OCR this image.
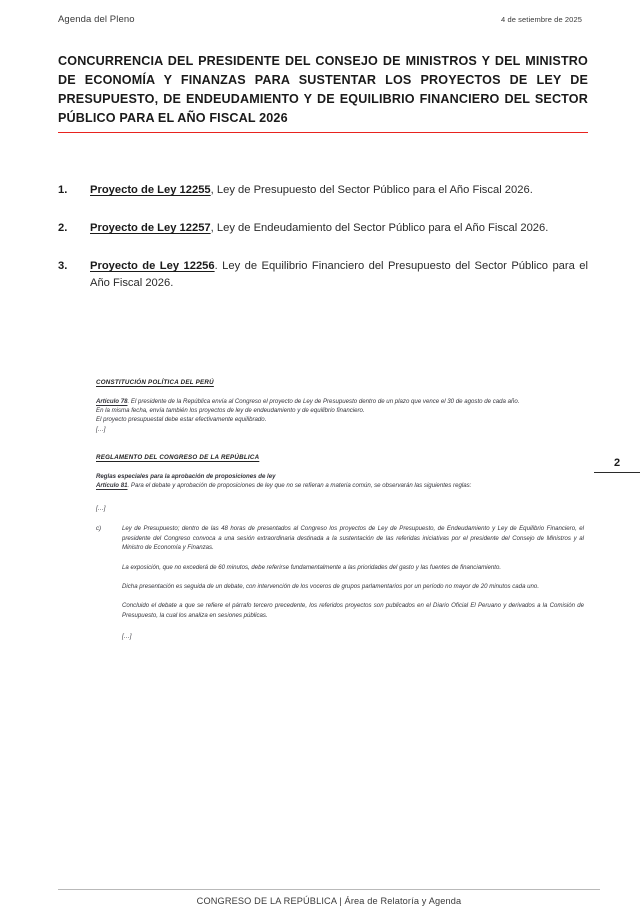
Agenda del Pleno	4 de setiembre de 2025
CONCURRENCIA DEL PRESIDENTE DEL CONSEJO DE MINISTROS Y DEL MINISTRO DE ECONOMÍA Y FINANZAS PARA SUSTENTAR LOS PROYECTOS DE LEY DE PRESUPUESTO, DE ENDEUDAMIENTO Y DE EQUILIBRIO FINANCIERO DEL SECTOR PÚBLICO PARA EL AÑO FISCAL 2026
1.	Proyecto de Ley 12255, Ley de Presupuesto del Sector Público para el Año Fiscal 2026.
2.	Proyecto de Ley 12257, Ley de Endeudamiento del Sector Público para el Año Fiscal 2026.
3.	Proyecto de Ley 12256. Ley de Equilibrio Financiero del Presupuesto del Sector Público para el Año Fiscal 2026.

CONSTITUCIÓN POLÍTICA DEL PERÚ

Artículo 78. El presidente de la República envía al Congreso el proyecto de Ley de Presupuesto dentro de un plazo que vence el 30 de agosto de cada año.

En la misma fecha, envía también los proyectos de ley de endeudamiento y de equilibrio financiero.

El proyecto presupuestal debe estar efectivamente equilibrado.

[…]

REGLAMENTO DEL CONGRESO DE LA REPÚBLICA

Reglas especiales para la aprobación de proposiciones de ley

Artículo 81. Para el debate y aprobación de proposiciones de ley que no se refieran a materia común, se observarán las siguientes reglas:

[…]

c)	Ley de Presupuesto; dentro de las 48 horas de presentados al Congreso los proyectos de Ley de Presupuesto, de Endeudamiento y Ley de Equilibrio Financiero, el presidente del Congreso convoca a una sesión extraordinaria destinada a la sustentación de las referidas iniciativas por el presidente del Consejo de Ministros y al Ministro de Economía y Finanzas.

La exposición, que no excederá de 60 minutos, debe referirse fundamentalmente a las prioridades del gasto y las fuentes de financiamiento.

Dicha presentación es seguida de un debate, con intervención de los voceros de grupos parlamentarios por un período no mayor de 20 minutos cada uno.

Concluido el debate a que se refiere el párrafo tercero precedente, los referidos proyectos son publicados en el Diario Oficial El Peruano y derivados a la Comisión de Presupuesto, la cual los analiza en sesiones públicas.

[…]

2
CONGRESO DE LA REPÚBLICA | Área de Relatoría y Agenda
